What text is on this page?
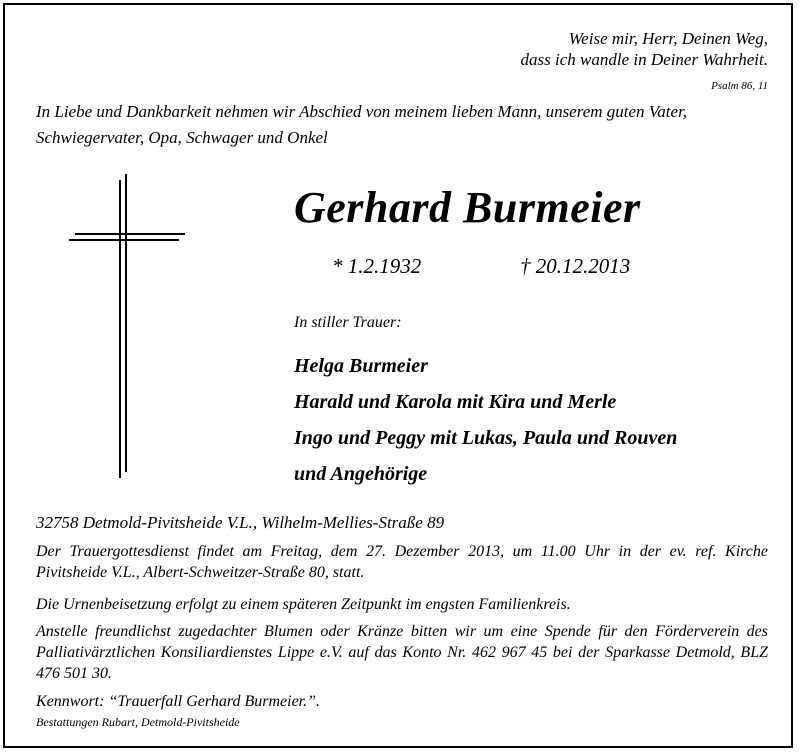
Weise mir, Herr, Deinen Weg,
dass ich wandle in Deiner Wahrheit.
Psalm 86, 11
In Liebe und Dankbarkeit nehmen wir Abschied von meinem lieben Mann, unserem guten Vater, Schwiegervater, Opa, Schwager und Onkel
Gerhard Burmeier
* 1.2.1932	† 20.12.2013
In stiller Trauer:
Helga Burmeier
Harald und Karola mit Kira und Merle
Ingo und Peggy mit Lukas, Paula und Rouven
und Angehörige
32758 Detmold-Pivitsheide V.L., Wilhelm-Mellies-Straße 89
Der Trauergottesdienst findet am Freitag, dem 27. Dezember 2013, um 11.00 Uhr in der ev. ref. Kirche Pivitsheide V.L., Albert-Schweitzer-Straße 80, statt.
Die Urnenbeisetzung erfolgt zu einem späteren Zeitpunkt im engsten Familienkreis.
Anstelle freundlichst zugedachter Blumen oder Kränze bitten wir um eine Spende für den Förderverein des Palliativärztlichen Konsiliardienstes Lippe e.V. auf das Konto Nr. 462 967 45 bei der Sparkasse Detmold, BLZ 476 501 30.
Kennwort: “Trauerfall Gerhard Burmeier.”.
Bestattungen Rubart, Detmold-Pivitsheide
